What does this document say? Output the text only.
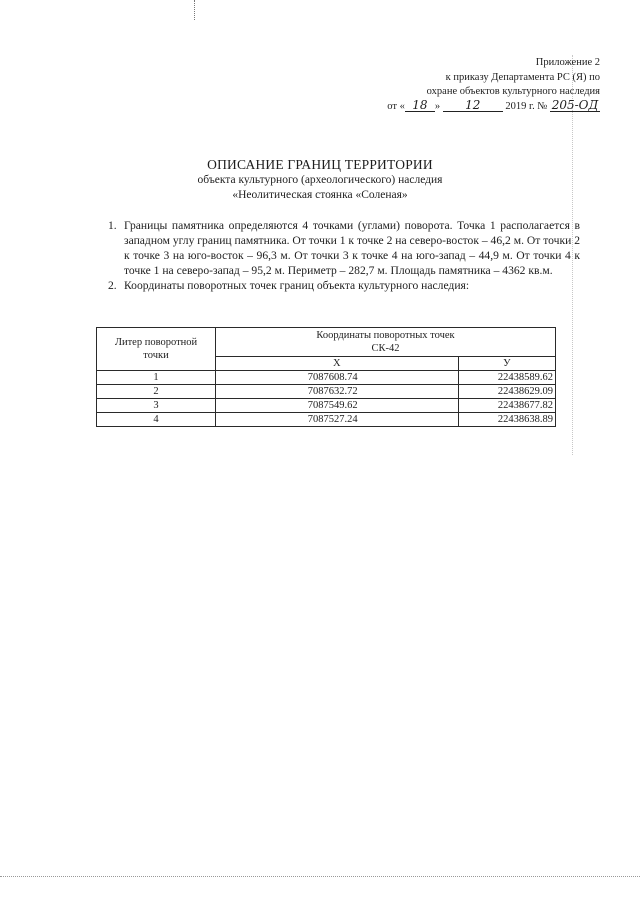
Приложение 2
к приказу Департамента РС (Я) по
охране объектов культурного наследия
от « 18 » 12 2019 г. № 205-ОД
ОПИСАНИЕ ГРАНИЦ ТЕРРИТОРИИ
объекта культурного (археологического) наследия
«Неолитическая стоянка «Соленая»
1. Границы памятника определяются 4 точками (углами) поворота. Точка 1 располагается в западном углу границ памятника. От точки 1 к точке 2 на северо-восток – 46,2 м. От точки 2 к точке 3 на юго-восток – 96,3 м. От точки 3 к точке 4 на юго-запад – 44,9 м. От точки 4 к точке 1 на северо-запад – 95,2 м. Периметр – 282,7 м. Площадь памятника – 4362 кв.м.
2. Координаты поворотных точек границ объекта культурного наследия:
Литер поворотной точки	Координаты поворотных точек
СК-42	
	X	У
1	7087608.74	22438589.62
2	7087632.72	22438629.09
3	7087549.62	22438677.82
4	7087527.24	22438638.89
